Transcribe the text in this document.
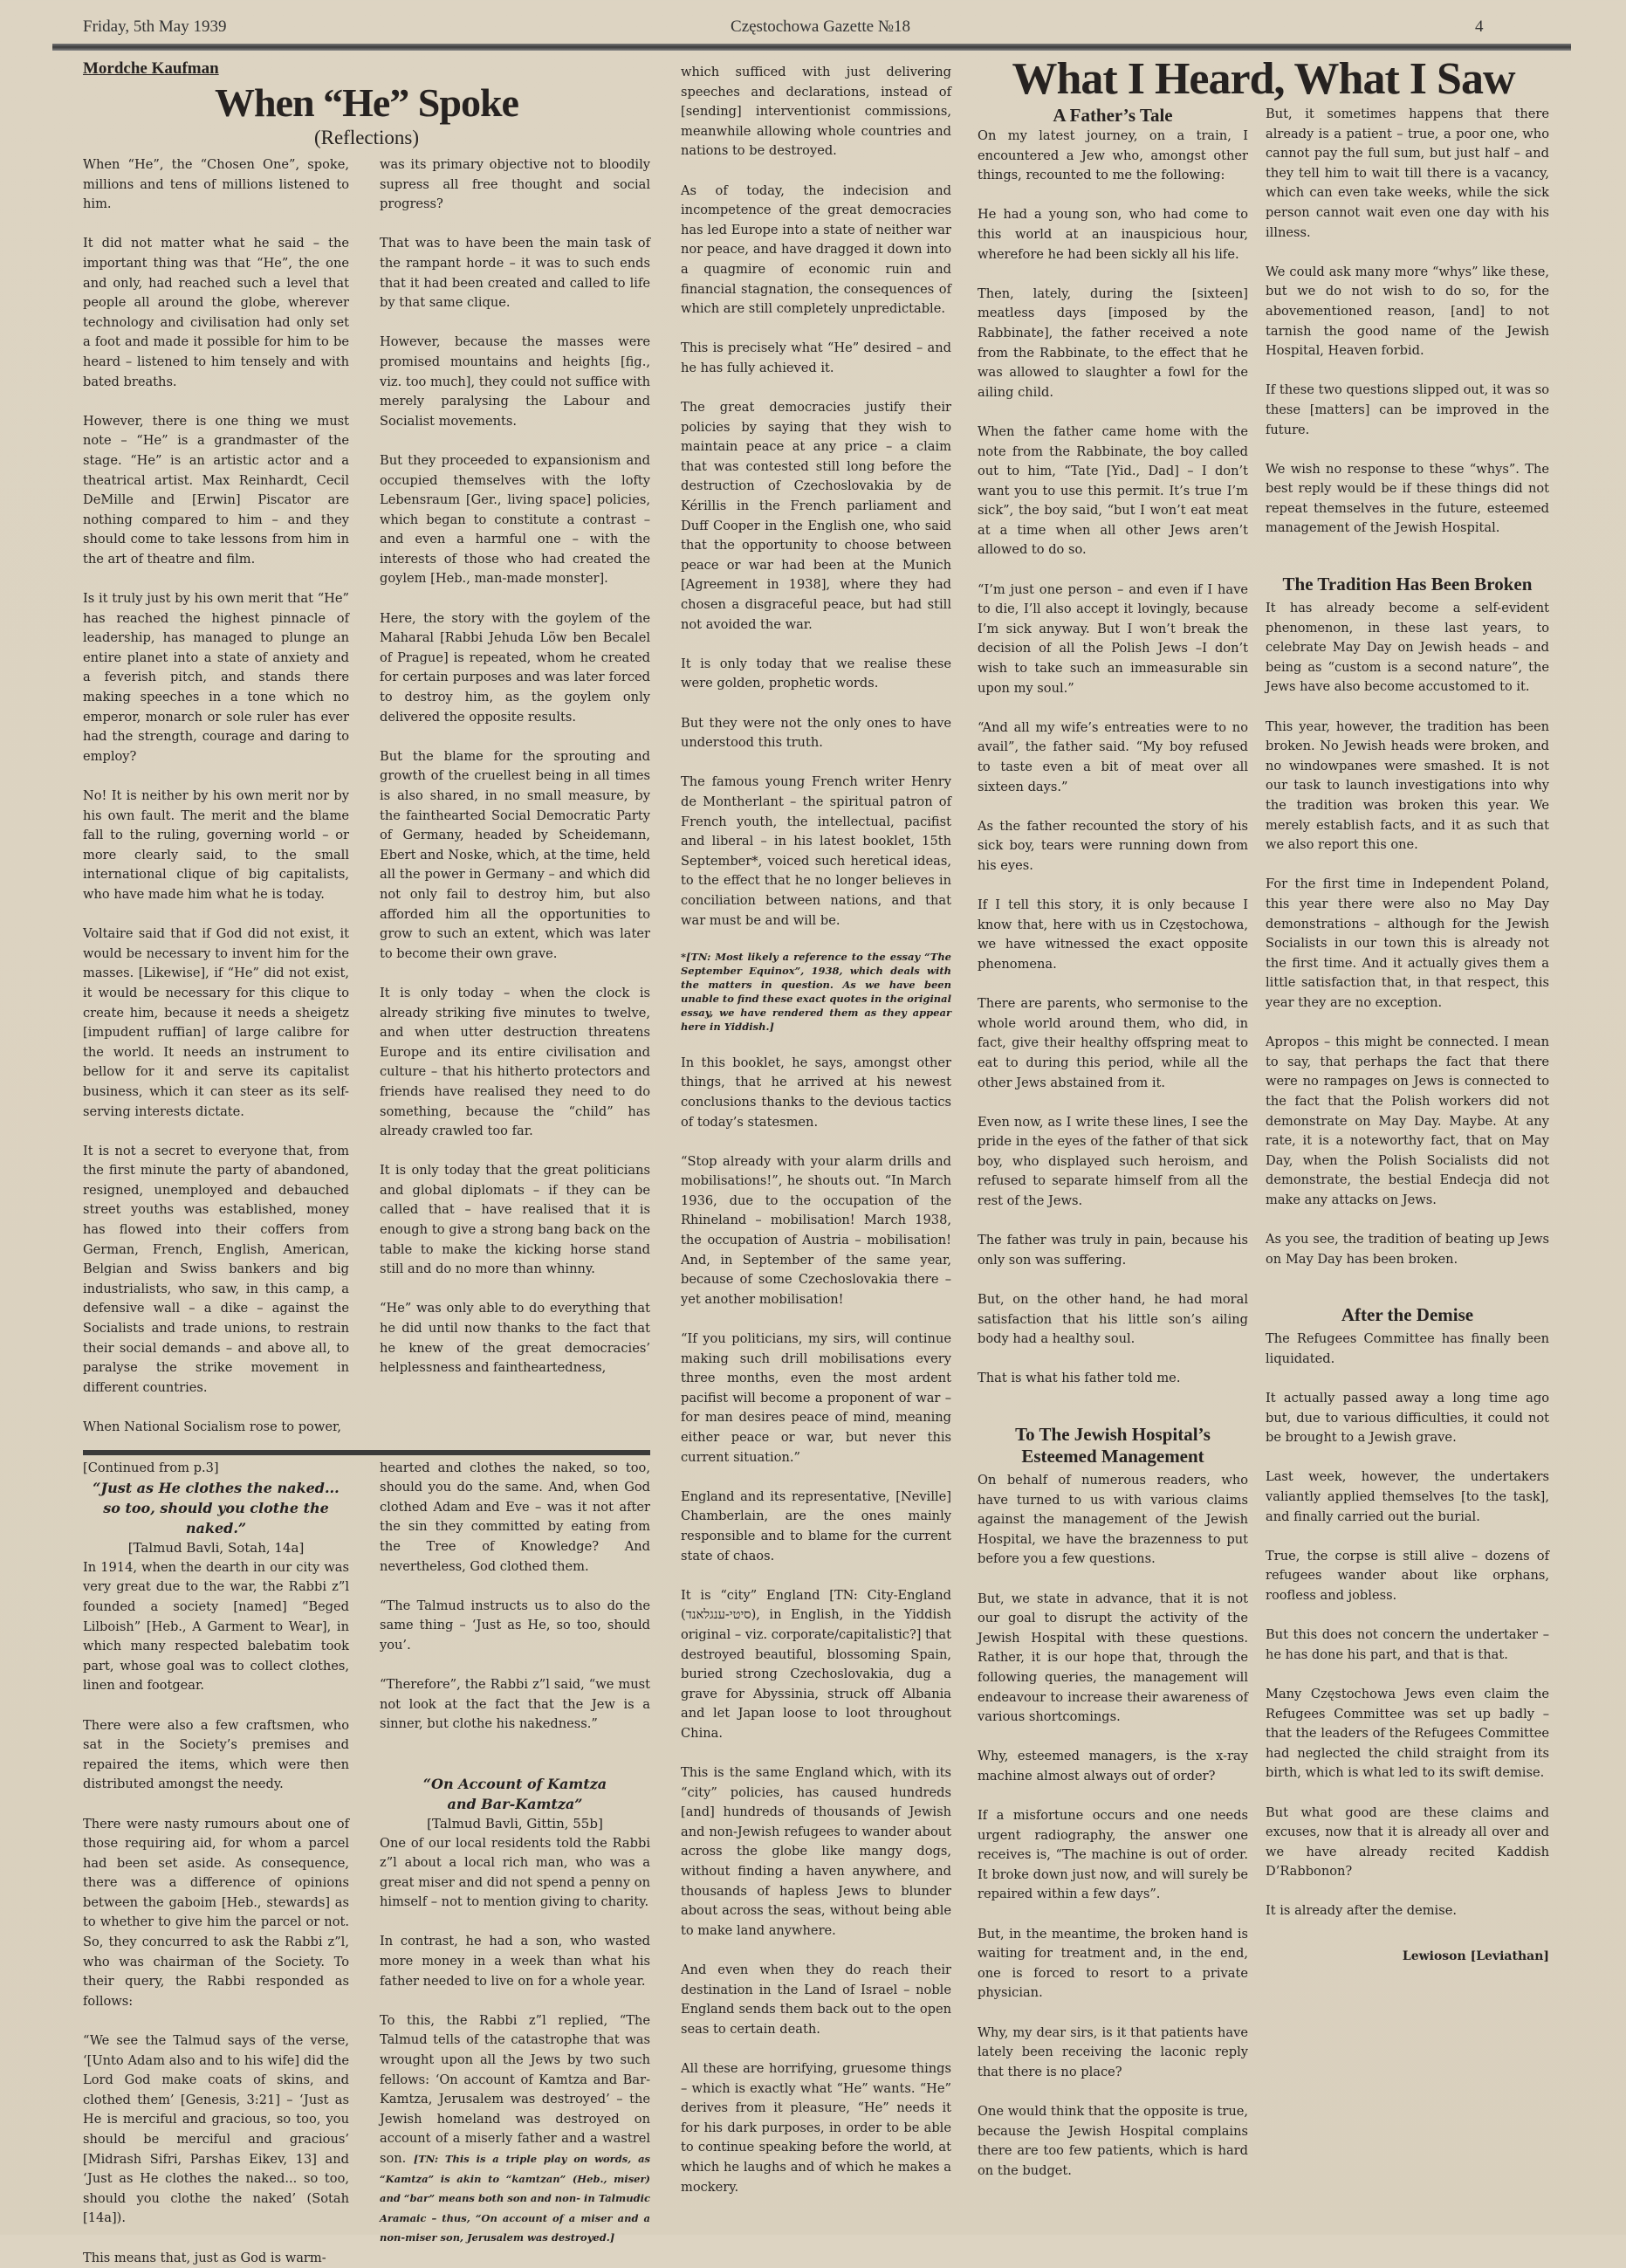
Friday, 5th May 1939	Częstochowa Gazette №18	4
Mordche Kaufman
When “He” Spoke
(Reflections)

When “He”, the “Chosen One”, spoke, millions and tens of millions listened to him.

It did not matter what he said – the important thing was that “He”, the one and only, had reached such a level that people all around the globe, wherever technology and civilisation had only set a foot and made it possible for him to be heard – listened to him tensely and with bated breaths.

However, there is one thing we must note – “He” is a grandmaster of the stage. “He” is an artistic actor and a theatrical artist. Max Reinhardt, Cecil DeMille and [Erwin] Piscator are nothing compared to him – and they should come to take lessons from him in the art of theatre and film.

Is it truly just by his own merit that “He” has reached the highest pinnacle of leadership, has managed to plunge an entire planet into a state of anxiety and a feverish pitch, and stands there making speeches in a tone which no emperor, monarch or sole ruler has ever had the strength, courage and daring to employ?

No! It is neither by his own merit nor by his own fault. The merit and the blame fall to the ruling, governing world – or more clearly said, to the small international clique of big capitalists, who have made him what he is today.

Voltaire said that if God did not exist, it would be necessary to invent him for the masses. [Likewise], if “He” did not exist, it would be necessary for this clique to create him, because it needs a sheigetz [impudent ruffian] of large calibre for the world. It needs an instrument to bellow for it and serve its capitalist business, which it can steer as its self-serving interests dictate.

It is not a secret to everyone that, from the first minute the party of abandoned, resigned, unemployed and debauched street youths was established, money has flowed into their coffers from German, French, English, American, Belgian and Swiss bankers and big industrialists, who saw, in this camp, a defensive wall – a dike – against the Socialists and trade unions, to restrain their social demands – and above all, to paralyse the strike movement in different countries.

When National Socialism rose to power,

was its primary objective not to bloodily supress all free thought and social progress?

That was to have been the main task of the rampant horde – it was to such ends that it had been created and called to life by that same clique.

However, because the masses were promised mountains and heights [fig., viz. too much], they could not suffice with merely paralysing the Labour and Socialist movements.

But they proceeded to expansionism and occupied themselves with the lofty Lebensraum [Ger., living space] policies, which began to constitute a contrast – and even a harmful one – with the interests of those who had created the goylem [Heb., man-made monster].

Here, the story with the goylem of the Maharal [Rabbi Jehuda Löw ben Becalel of Prague] is repeated, whom he created for certain purposes and was later forced to destroy him, as the goylem only delivered the opposite results.

But the blame for the sprouting and growth of the cruellest being in all times is also shared, in no small measure, by the fainthearted Social Democratic Party of Germany, headed by Scheidemann, Ebert and Noske, which, at the time, held all the power in Germany – and which did not only fail to destroy him, but also afforded him all the opportunities to grow to such an extent, which was later to become their own grave.

It is only today – when the clock is already striking five minutes to twelve, and when utter destruction threatens Europe and its entire civilisation and culture – that his hitherto protectors and friends have realised they need to do something, because the “child” has already crawled too far.

It is only today that the great politicians and global diplomats – if they can be called that – have realised that it is enough to give a strong bang back on the table to make the kicking horse stand still and do no more than whinny.

“He” was only able to do everything that he did until now thanks to the fact that he knew of the great democracies’ helplessness and faintheartedness,

[Continued from p.3]
“Just as He clothes the naked... so too, should you clothe the naked.”
[Talmud Bavli, Sotah, 14a]

In 1914, when the dearth in our city was very great due to the war, the Rabbi z”l founded a society [named] “Beged Lilboish” [Heb., A Garment to Wear], in which many respected balebatim took part, whose goal was to collect clothes, linen and footgear.

There were also a few craftsmen, who sat in the Society’s premises and repaired the items, which were then distributed amongst the needy.

There were nasty rumours about one of those requiring aid, for whom a parcel had been set aside. As consequence, there was a difference of opinions between the gaboim [Heb., stewards] as to whether to give him the parcel or not. So, they concurred to ask the Rabbi z”l, who was chairman of the Society. To their query, the Rabbi responded as follows:

“We see the Talmud says of the verse, ‘[Unto Adam also and to his wife] did the Lord God make coats of skins, and clothed them’ [Genesis, 3:21] – ‘Just as He is merciful and gracious, so too, you should be merciful and gracious’ [Midrash Sifri, Parshas Eikev, 13] and ‘Just as He clothes the naked... so too, should you clothe the naked’ (Sotah [14a]).

This means that, just as God is warm-

hearted and clothes the naked, so too, should you do the same. And, when God clothed Adam and Eve – was it not after the sin they committed by eating from the Tree of Knowledge? And nevertheless, God clothed them.

“The Talmud instructs us to also do the same thing – ‘Just as He, so too, should you’.

“Therefore”, the Rabbi z”l said, “we must not look at the fact that the Jew is a sinner, but clothe his nakedness.”

“On Account of Kamtza and Bar-Kamtza”
[Talmud Bavli, Gittin, 55b]

One of our local residents told the Rabbi z”l about a local rich man, who was a great miser and did not spend a penny on himself – not to mention giving to charity.

In contrast, he had a son, who wasted more money in a week than what his father needed to live on for a whole year.

To this, the Rabbi z”l replied, “The Talmud tells of the catastrophe that was wrought upon all the Jews by two such fellows: ‘On account of Kamtza and Bar-Kamtza, Jerusalem was destroyed’ – the Jewish homeland was destroyed on account of a miserly father and a wastrel son. [TN: This is a triple play on words, as “Kamtza” is akin to “kamtzan” (Heb., miser) and “bar” means both son and non- in Talmudic Aramaic – thus, “On account of a miser and a non-miser son, Jerusalem was destroyed.]

which sufficed with just delivering speeches and declarations, instead of [sending] interventionist commissions, meanwhile allowing whole countries and nations to be destroyed.

As of today, the indecision and incompetence of the great democracies has led Europe into a state of neither war nor peace, and have dragged it down into a quagmire of economic ruin and financial stagnation, the consequences of which are still completely unpredictable.

This is precisely what “He” desired – and he has fully achieved it.

The great democracies justify their policies by saying that they wish to maintain peace at any price – a claim that was contested still long before the destruction of Czechoslovakia by de Kérillis in the French parliament and Duff Cooper in the English one, who said that the opportunity to choose between peace or war had been at the Munich [Agreement in 1938], where they had chosen a disgraceful peace, but had still not avoided the war.

It is only today that we realise these were golden, prophetic words.

But they were not the only ones to have understood this truth.

The famous young French writer Henry de Montherlant – the spiritual patron of French youth, the intellectual, pacifist and liberal – in his latest booklet, 15th September*, voiced such heretical ideas, to the effect that he no longer believes in conciliation between nations, and that war must be and will be.

*[TN: Most likely a reference to the essay “The September Equinox”, 1938, which deals with the matters in question. As we have been unable to find these exact quotes in the original essay, we have rendered them as they appear here in Yiddish.]

In this booklet, he says, amongst other things, that he arrived at his newest conclusions thanks to the devious tactics of today’s statesmen.

“Stop already with your alarm drills and mobilisations!”, he shouts out. “In March 1936, due to the occupation of the Rhineland – mobilisation! March 1938, the occupation of Austria – mobilisation! And, in September of the same year, because of some Czechoslovakia there – yet another mobilisation!

“If you politicians, my sirs, will continue making such drill mobilisations every three months, even the most ardent pacifist will become a proponent of war – for man desires peace of mind, meaning either peace or war, but never this current situation.”

England and its representative, [Neville] Chamberlain, are the ones mainly responsible and to blame for the current state of chaos.

It is “city” England [TN: City-England (סיטי-ענגלאנד), in English, in the Yiddish original – viz. corporate/capitalistic?] that destroyed beautiful, blossoming Spain, buried strong Czechoslovakia, dug a grave for Abyssinia, struck off Albania and let Japan loose to loot throughout China.

This is the same England which, with its “city” policies, has caused hundreds [and] hundreds of thousands of Jewish and non-Jewish refugees to wander about across the globe like mangy dogs, without finding a haven anywhere, and thousands of hapless Jews to blunder about across the seas, without being able to make land anywhere.

And even when they do reach their destination in the Land of Israel – noble England sends them back out to the open seas to certain death.

All these are horrifying, gruesome things – which is exactly what “He” wants. “He” derives from it pleasure, “He” needs it for his dark purposes, in order to be able to continue speaking before the world, at which he laughs and of which he makes a mockery.

What I Heard, What I Saw
A Father’s Tale

On my latest journey, on a train, I encountered a Jew who, amongst other things, recounted to me the following:

He had a young son, who had come to this world at an inauspicious hour, wherefore he had been sickly all his life.

Then, lately, during the [sixteen] meatless days [imposed by the Rabbinate], the father received a note from the Rabbinate, to the effect that he was allowed to slaughter a fowl for the ailing child.

When the father came home with the note from the Rabbinate, the boy called out to him, “Tate [Yid., Dad] – I don’t want you to use this permit. It’s true I’m sick”, the boy said, “but I won’t eat meat at a time when all other Jews aren’t allowed to do so.

“I’m just one person – and even if I have to die, I’ll also accept it lovingly, because I’m sick anyway. But I won’t break the decision of all the Polish Jews –I don’t wish to take such an immeasurable sin upon my soul.”

“And all my wife’s entreaties were to no avail”, the father said. “My boy refused to taste even a bit of meat over all sixteen days.”

As the father recounted the story of his sick boy, tears were running down from his eyes.

If I tell this story, it is only because I know that, here with us in Częstochowa, we have witnessed the exact opposite phenomena.

There are parents, who sermonise to the whole world around them, who did, in fact, give their healthy offspring meat to eat to during this period, while all the other Jews abstained from it.

Even now, as I write these lines, I see the pride in the eyes of the father of that sick boy, who displayed such heroism, and refused to separate himself from all the rest of the Jews.

The father was truly in pain, because his only son was suffering.

But, on the other hand, he had moral satisfaction that his little son’s ailing body had a healthy soul.

That is what his father told me.

To The Jewish Hospital’s Esteemed Management

On behalf of numerous readers, who have turned to us with various claims against the management of the Jewish Hospital, we have the brazenness to put before you a few questions.

But, we state in advance, that it is not our goal to disrupt the activity of the Jewish Hospital with these questions. Rather, it is our hope that, through the following queries, the management will endeavour to increase their awareness of various shortcomings.

Why, esteemed managers, is the x-ray machine almost always out of order?

If a misfortune occurs and one needs urgent radiography, the answer one receives is, “The machine is out of order. It broke down just now, and will surely be repaired within a few days”.

But, in the meantime, the broken hand is waiting for treatment and, in the end, one is forced to resort to a private physician.

Why, my dear sirs, is it that patients have lately been receiving the laconic reply that there is no place?

One would think that the opposite is true, because the Jewish Hospital complains there are too few patients, which is hard on the budget.

But, it sometimes happens that there already is a patient – true, a poor one, who cannot pay the full sum, but just half – and they tell him to wait till there is a vacancy, which can even take weeks, while the sick person cannot wait even one day with his illness.

We could ask many more “whys” like these, but we do not wish to do so, for the abovementioned reason, [and] to not tarnish the good name of the Jewish Hospital, Heaven forbid.

If these two questions slipped out, it was so these [matters] can be improved in the future.

We wish no response to these “whys”. The best reply would be if these things did not repeat themselves in the future, esteemed management of the Jewish Hospital.

The Tradition Has Been Broken

It has already become a self-evident phenomenon, in these last years, to celebrate May Day on Jewish heads – and being as “custom is a second nature”, the Jews have also become accustomed to it.

This year, however, the tradition has been broken. No Jewish heads were broken, and no windowpanes were smashed. It is not our task to launch investigations into why the tradition was broken this year. We merely establish facts, and it as such that we also report this one.

For the first time in Independent Poland, this year there were also no May Day demonstrations – although for the Jewish Socialists in our town this is already not the first time. And it actually gives them a little satisfaction that, in that respect, this year they are no exception.

Apropos – this might be connected. I mean to say, that perhaps the fact that there were no rampages on Jews is connected to the fact that the Polish workers did not demonstrate on May Day. Maybe. At any rate, it is a noteworthy fact, that on May Day, when the Polish Socialists did not demonstrate, the bestial Endecja did not make any attacks on Jews.

As you see, the tradition of beating up Jews on May Day has been broken.

After the Demise

The Refugees Committee has finally been liquidated.

It actually passed away a long time ago but, due to various difficulties, it could not be brought to a Jewish grave.

Last week, however, the undertakers valiantly applied themselves [to the task], and finally carried out the burial.

True, the corpse is still alive – dozens of refugees wander about like orphans, roofless and jobless.

But this does not concern the undertaker – he has done his part, and that is that.

Many Częstochowa Jews even claim the Refugees Committee was set up badly – that the leaders of the Refugees Committee had neglected the child straight from its birth, which is what led to its swift demise.

But what good are these claims and excuses, now that it is already all over and we have already recited Kaddish D’Rabbonon?

It is already after the demise.

Lewioson [Leviathan]
